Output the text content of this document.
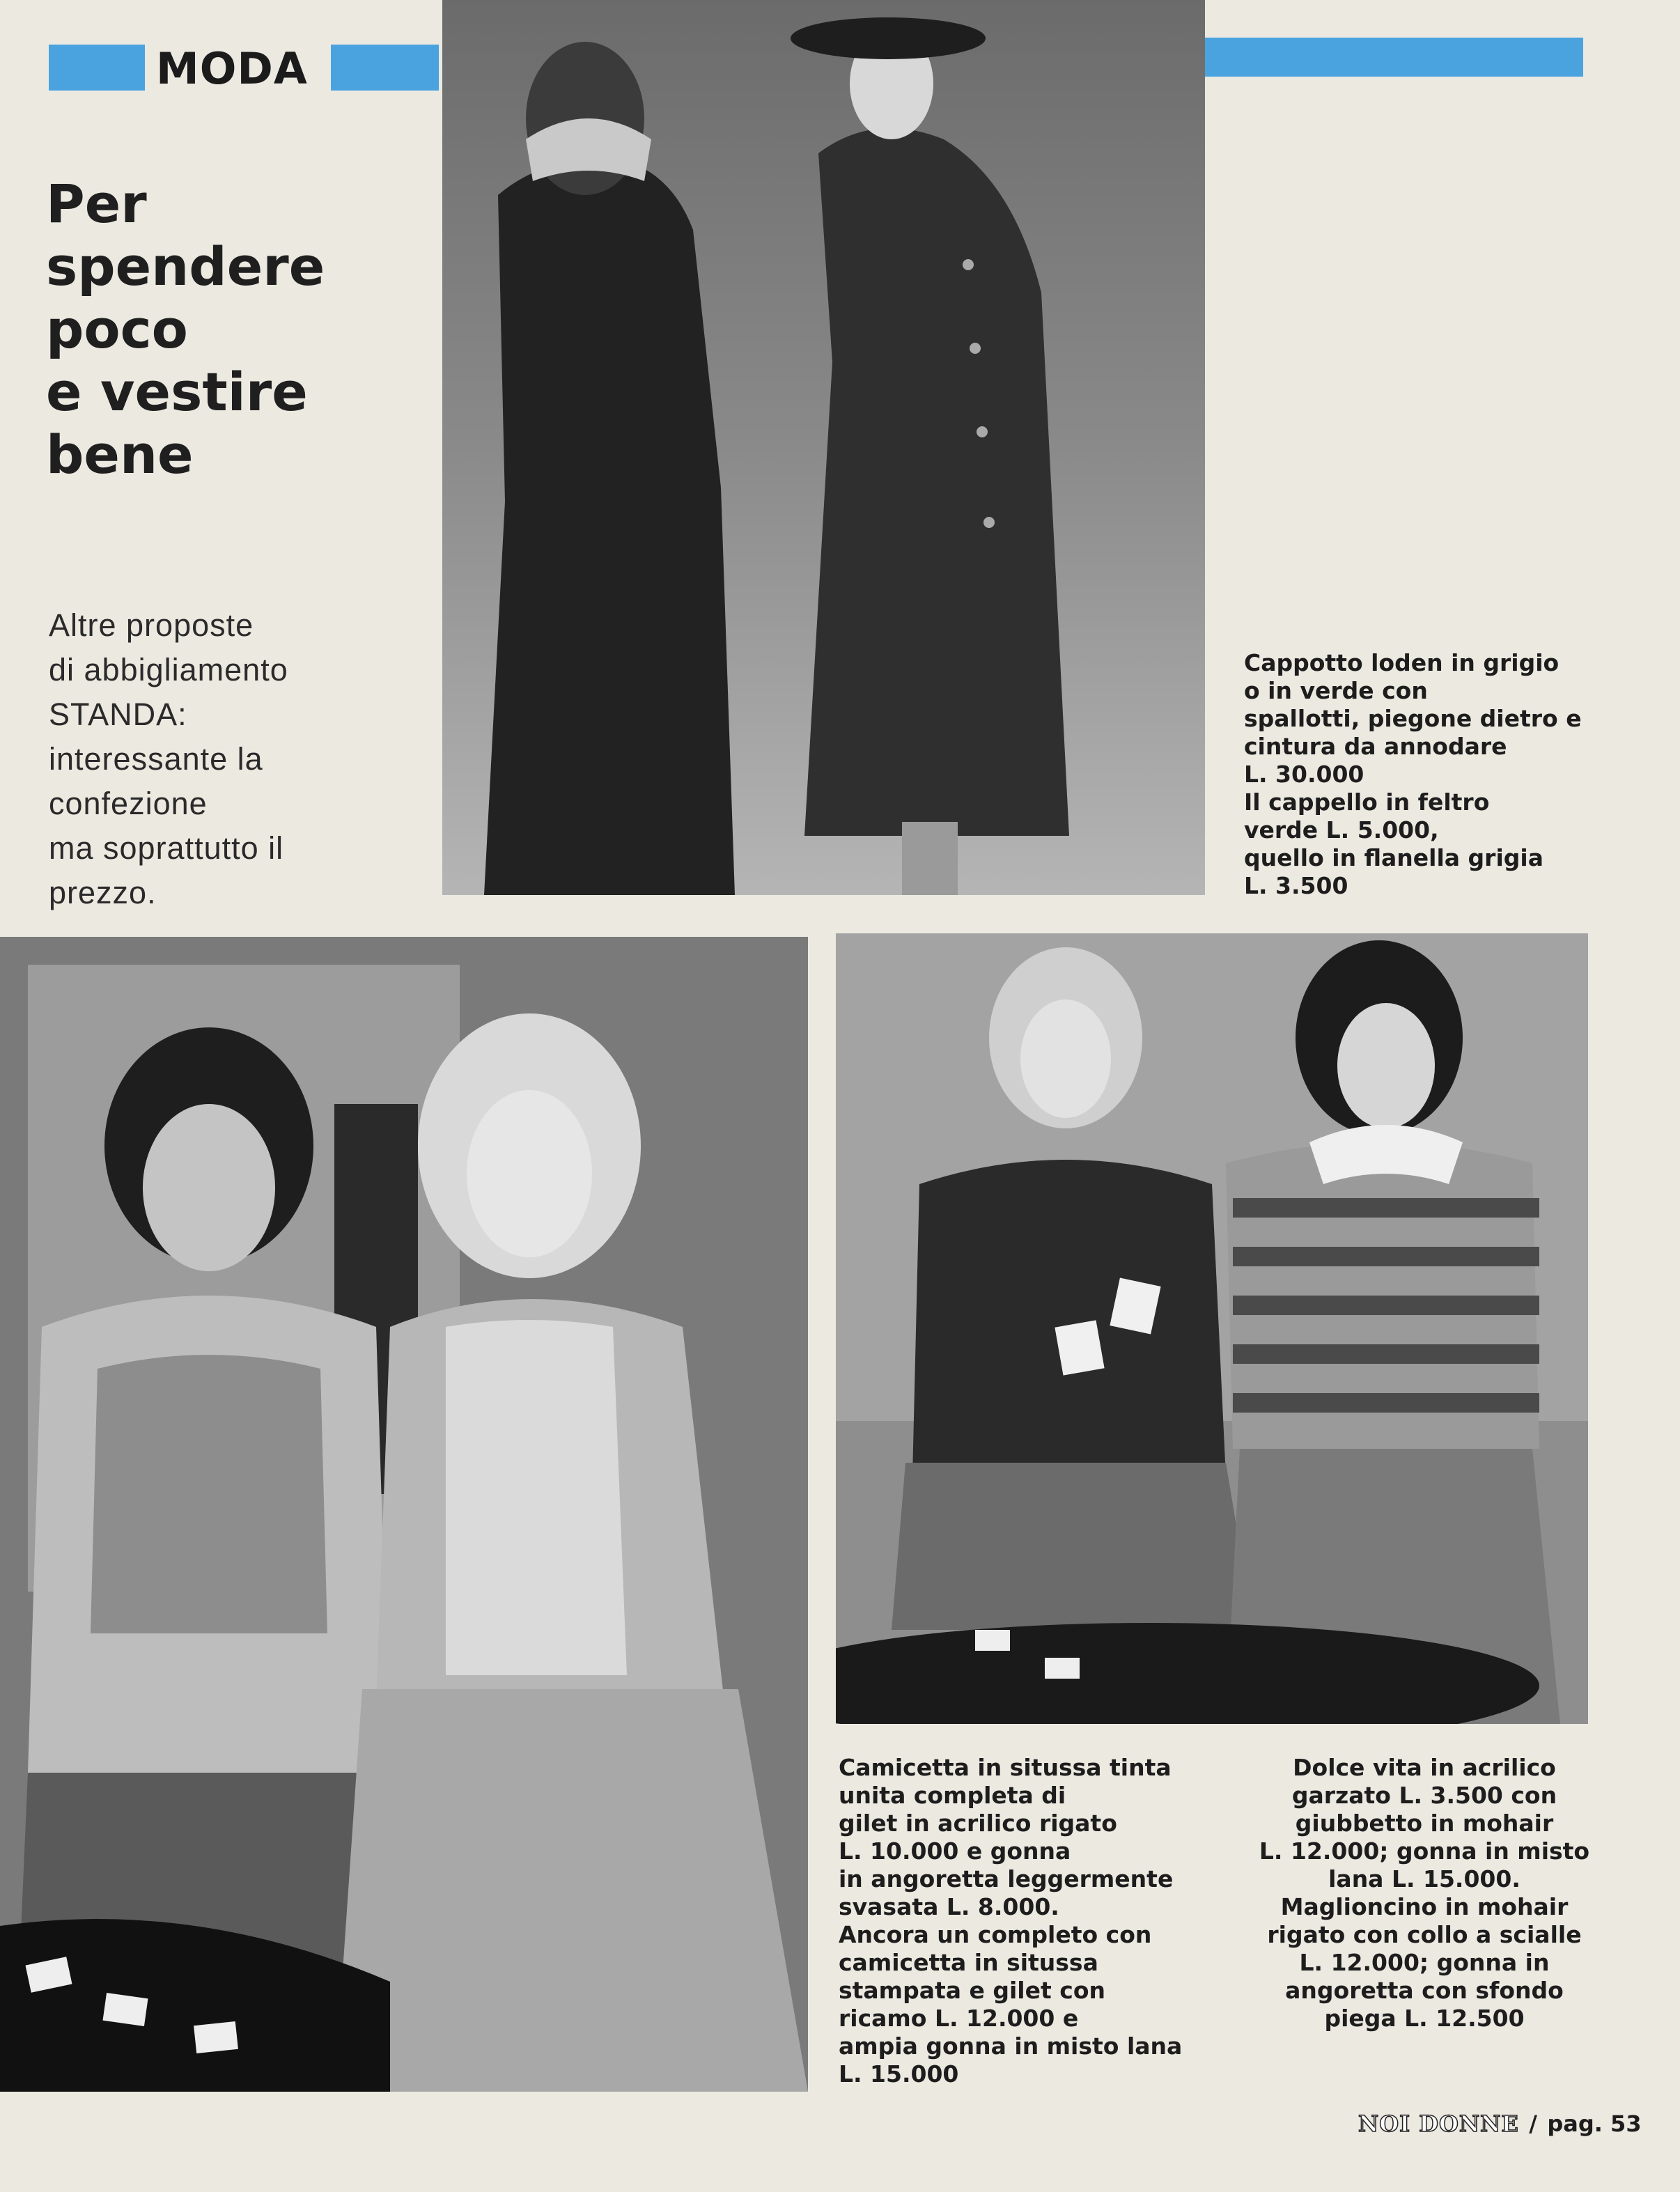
MODA
Per spendere
poco
e vestire
bene
Altre proposte
di abbigliamento
STANDA:
interessante la
confezione
ma soprattutto il
prezzo.
Cappotto loden in grigio
o in verde con
spallotti, piegone dietro e
cintura da annodare
L. 30.000
Il cappello in feltro
verde L. 5.000,
quello in flanella grigia
L. 3.500
Camicetta in situssa tinta
unita completa di
gilet in acrilico rigato
L. 10.000 e gonna
in angoretta leggermente
svasata L. 8.000.
Ancora un completo con
camicetta in situssa
stampata e gilet con
ricamo L. 12.000 e
ampia gonna in misto lana
L. 15.000
Dolce vita in acrilico
garzato L. 3.500 con
giubbetto in mohair
L. 12.000; gonna in misto
lana L. 15.000.
Maglioncino in mohair
rigato con collo a scialle
L. 12.000; gonna in
angoretta con sfondo
piega L. 12.500
NOI DONNE / pag. 53
